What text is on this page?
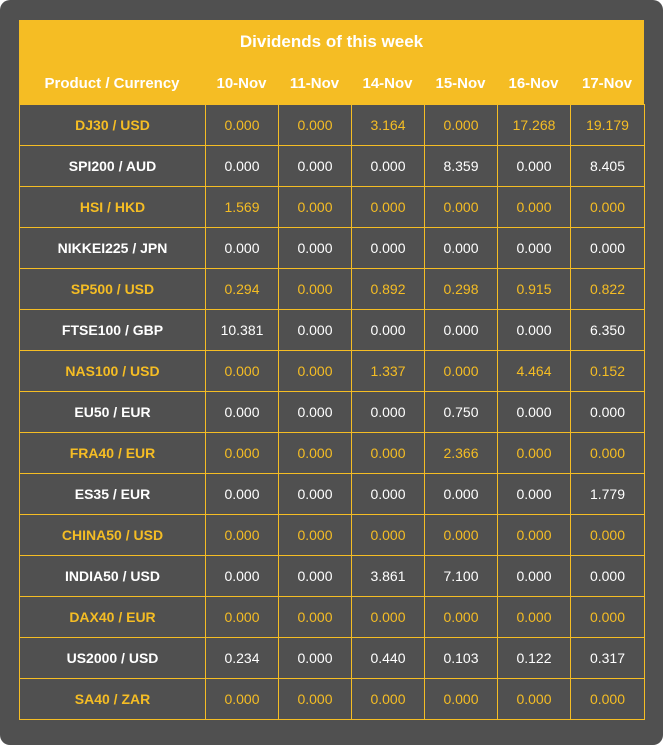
Dividends of this week
Product / Currency	10-Nov	11-Nov	14-Nov	15-Nov	16-Nov	17-Nov
DJ30 / USD	0.000	0.000	3.164	0.000	17.268	19.179
SPI200 / AUD	0.000	0.000	0.000	8.359	0.000	8.405
HSI / HKD	1.569	0.000	0.000	0.000	0.000	0.000
NIKKEI225 / JPN	0.000	0.000	0.000	0.000	0.000	0.000
SP500 / USD	0.294	0.000	0.892	0.298	0.915	0.822
FTSE100 / GBP	10.381	0.000	0.000	0.000	0.000	6.350
NAS100 / USD	0.000	0.000	1.337	0.000	4.464	0.152
EU50 / EUR	0.000	0.000	0.000	0.750	0.000	0.000
FRA40 / EUR	0.000	0.000	0.000	2.366	0.000	0.000
ES35 / EUR	0.000	0.000	0.000	0.000	0.000	1.779
CHINA50 / USD	0.000	0.000	0.000	0.000	0.000	0.000
INDIA50 / USD	0.000	0.000	3.861	7.100	0.000	0.000
DAX40 / EUR	0.000	0.000	0.000	0.000	0.000	0.000
US2000 / USD	0.234	0.000	0.440	0.103	0.122	0.317
SA40 / ZAR	0.000	0.000	0.000	0.000	0.000	0.000
